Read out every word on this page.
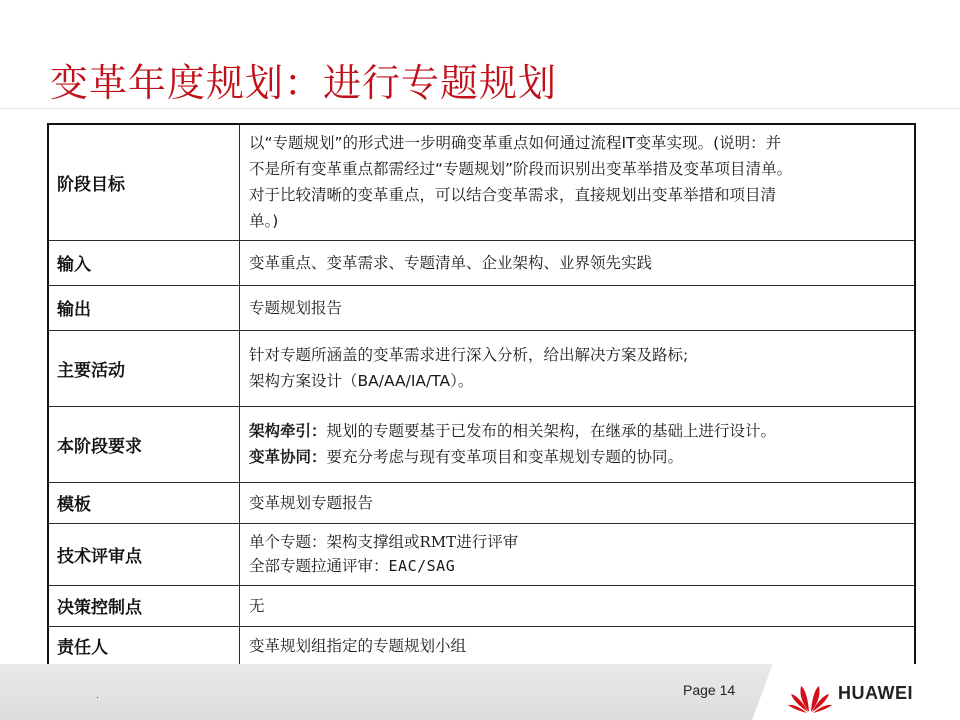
变革年度规划：进行专题规划
阶段目标	以“专题规划”的形式进一步明确变革重点如何通过流程IT变革实现。(说明：并
不是所有变革重点都需经过“专题规划”阶段而识别出变革举措及变革项目清单。
对于比较清晰的变革重点，可以结合变革需求，直接规划出变革举措和项目清
单。)

输入	变革重点、变革需求、专题清单、企业架构、业界领先实践

输出	专题规划报告

主要活动	针对专题所涵盖的变革需求进行深入分析，给出解决方案及路标;
架构方案设计（BA/AA/IA/TA）。

本阶段要求	架构牵引：规划的专题要基于已发布的相关架构，在继承的基础上进行设计。
变革协同：要充分考虑与现有变革项目和变革规划专题的协同。

模板	变革规划专题报告

技术评审点	单个专题：架构支撑组或RMT进行评审
全部专题拉通评审：EAC/SAG

决策控制点	无

责任人	变革规划组指定的专题规划小组
.	Page 14	HUAWEI
